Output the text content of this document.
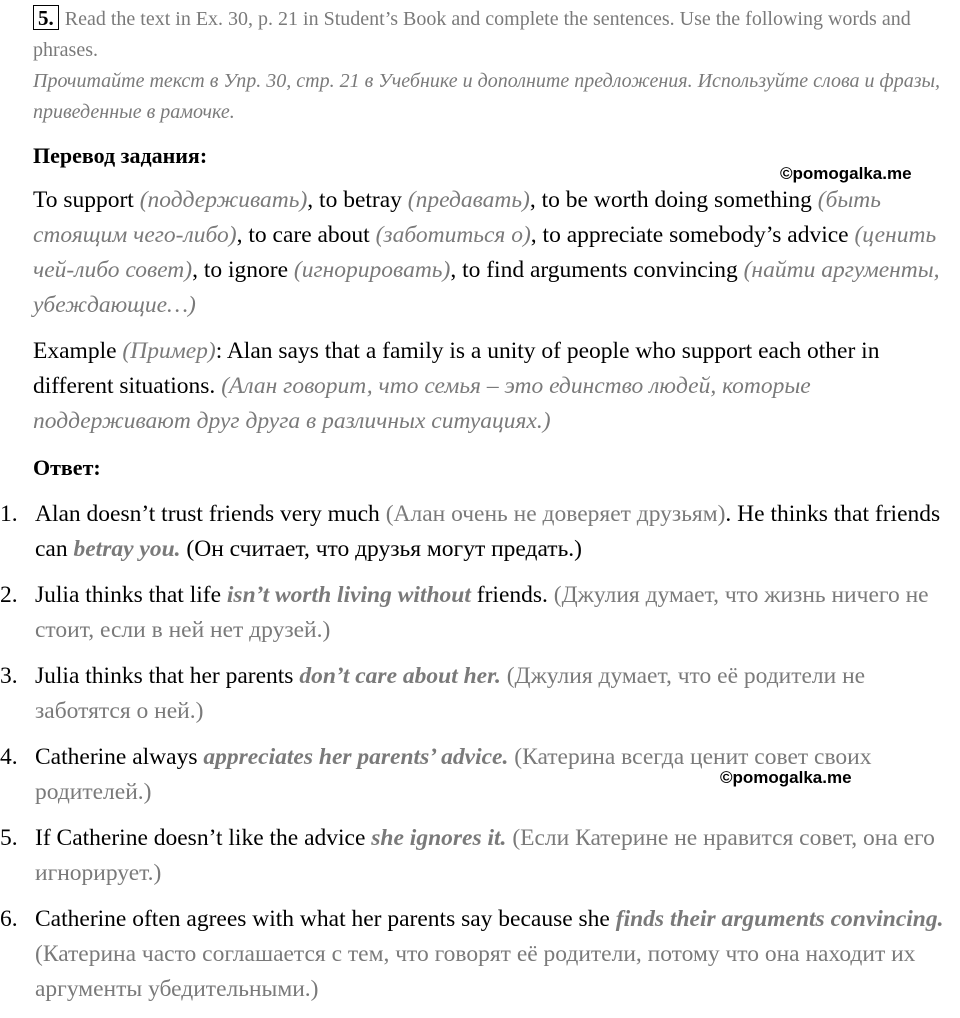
5. Read the text in Ex. 30, p. 21 in Student’s Book and complete the sentences. Use the following words and phrases.
Прочитайте текст в Упр. 30, стр. 21 в Учебнике и дополните предложения. Используйте слова и фразы, приведенные в рамочке.
Перевод задания:
©pomogalka.me
To support (поддерживать), to betray (предавать), to be worth doing something (быть стоящим чего-либо), to care about (заботиться о), to appreciate somebody’s advice (ценить чей-либо совет), to ignore (игнорировать), to find arguments convincing (найти аргументы, убеждающие…)
Example (Пример): Alan says that a family is a unity of people who support each other in different situations. (Алан говорит, что семья – это единство людей, которые поддерживают друг друга в различных ситуациях.)
Ответ:
1. Alan doesn’t trust friends very much (Алан очень не доверяет друзьям). He thinks that friends can betray you. (Он считает, что друзья могут предать.)
2. Julia thinks that life isn’t worth living without friends. (Джулия думает, что жизнь ничего не стоит, если в ней нет друзей.)
3. Julia thinks that her parents don’t care about her. (Джулия думает, что её родители не заботятся о ней.)
4. Catherine always appreciates her parents’ advice. (Катерина всегда ценит совет своих родителей.)
5. If Catherine doesn’t like the advice she ignores it. (Если Катерине не нравится совет, она его игнорирует.)
6. Catherine often agrees with what her parents say because she finds their arguments convincing. (Катерина часто соглашается с тем, что говорят её родители, потому что она находит их аргументы убедительными.)
©pomogalka.me
